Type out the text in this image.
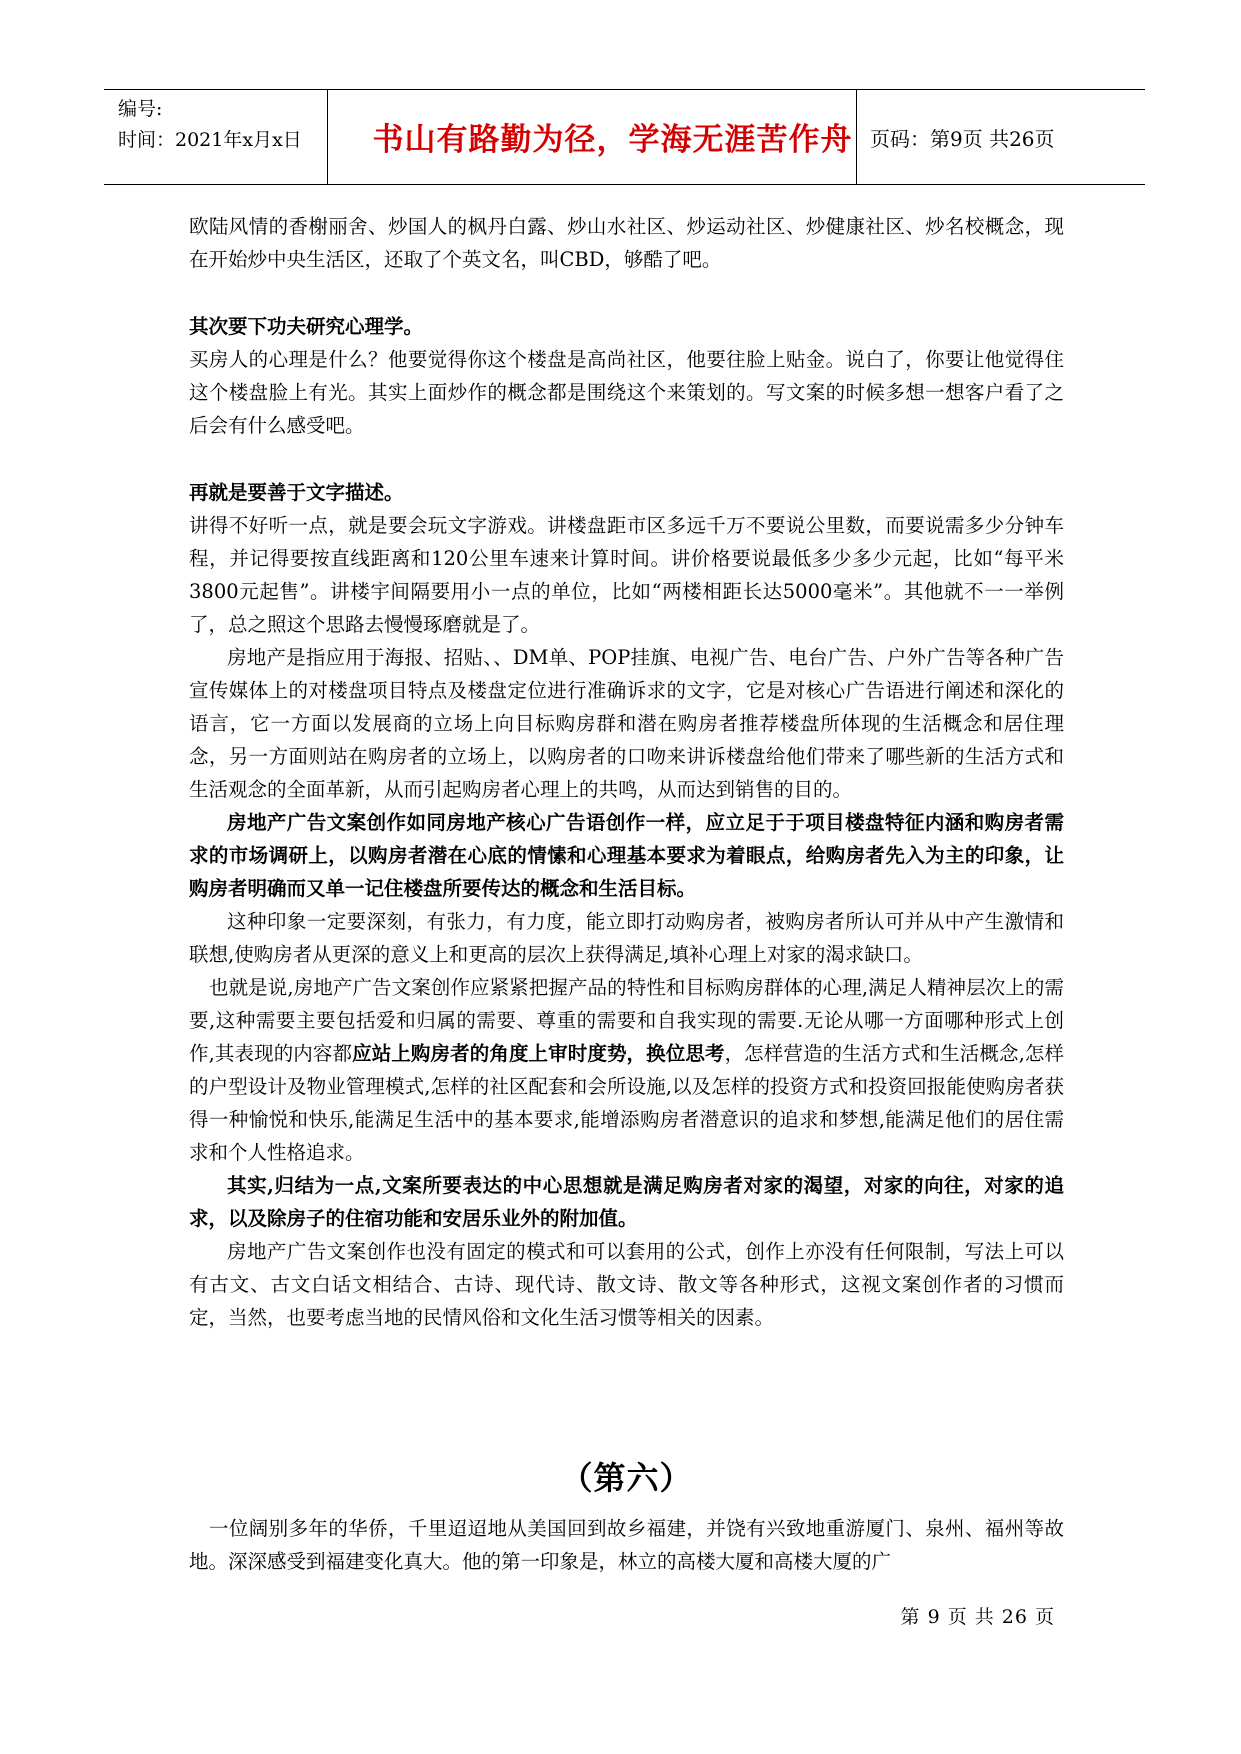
编号:
时间：2021年x月x日 书山有路勤为径，学海无涯苦作舟 页码：第9页 共26页

欧陆风情的香榭丽舍、炒国人的枫丹白露、炒山水社区、炒运动社区、炒健康社区、炒名校概念，现在开始炒中央生活区，还取了个英文名，叫CBD，够酷了吧。

其次要下功夫研究心理学。

买房人的心理是什么？他要觉得你这个楼盘是高尚社区，他要往脸上贴金。说白了，你要让他觉得住这个楼盘脸上有光。其实上面炒作的概念都是围绕这个来策划的。写文案的时候多想一想客户看了之后会有什么感受吧。

再就是要善于文字描述。

讲得不好听一点，就是要会玩文字游戏。讲楼盘距市区多远千万不要说公里数，而要说需多少分钟车程，并记得要按直线距离和120公里车速来计算时间。讲价格要说最低多少多少元起，比如“每平米3800元起售”。讲楼宇间隔要用小一点的单位，比如“两楼相距长达5000毫米”。其他就不一一举例了，总之照这个思路去慢慢琢磨就是了。

房地产是指应用于海报、招贴、、DM单、POP挂旗、电视广告、电台广告、户外广告等各种广告宣传媒体上的对楼盘项目特点及楼盘定位进行准确诉求的文字，它是对核心广告语进行阐述和深化的语言，它一方面以发展商的立场上向目标购房群和潜在购房者推荐楼盘所体现的生活概念和居住理念，另一方面则站在购房者的立场上，以购房者的口吻来讲诉楼盘给他们带来了哪些新的生活方式和生活观念的全面革新，从而引起购房者心理上的共鸣，从而达到销售的目的。

房地产广告文案创作如同房地产核心广告语创作一样，应立足于于项目楼盘特征内涵和购房者需求的市场调研上，以购房者潜在心底的情愫和心理基本要求为着眼点，给购房者先入为主的印象，让购房者明确而又单一记住楼盘所要传达的概念和生活目标。

这种印象一定要深刻，有张力，有力度，能立即打动购房者，被购房者所认可并从中产生激情和联想,使购房者从更深的意义上和更高的层次上获得满足,填补心理上对家的渴求缺口。

也就是说,房地产广告文案创作应紧紧把握产品的特性和目标购房群体的心理,满足人精神层次上的需要,这种需要主要包括爱和归属的需要、尊重的需要和自我实现的需要.无论从哪一方面哪种形式上创作,其表现的内容都应站上购房者的角度上审时度势，换位思考，怎样营造的生活方式和生活概念,怎样的户型设计及物业管理模式,怎样的社区配套和会所设施,以及怎样的投资方式和投资回报能使购房者获得一种愉悦和快乐,能满足生活中的基本要求,能增添购房者潜意识的追求和梦想,能满足他们的居住需求和个人性格追求。

其实,归结为一点,文案所要表达的中心思想就是满足购房者对家的渴望，对家的向往，对家的追求，以及除房子的住宿功能和安居乐业外的附加值。

房地产广告文案创作也没有固定的模式和可以套用的公式，创作上亦没有任何限制，写法上可以有古文、古文白话文相结合、古诗、现代诗、散文诗、散文等各种形式，这视文案创作者的习惯而定，当然，也要考虑当地的民情风俗和文化生活习惯等相关的因素。

（第六）

一位阔别多年的华侨，千里迢迢地从美国回到故乡福建，并饶有兴致地重游厦门、泉州、福州等故地。深深感受到福建变化真大。他的第一印象是，林立的高楼大厦和高楼大厦的广

第 9 页 共 26 页
